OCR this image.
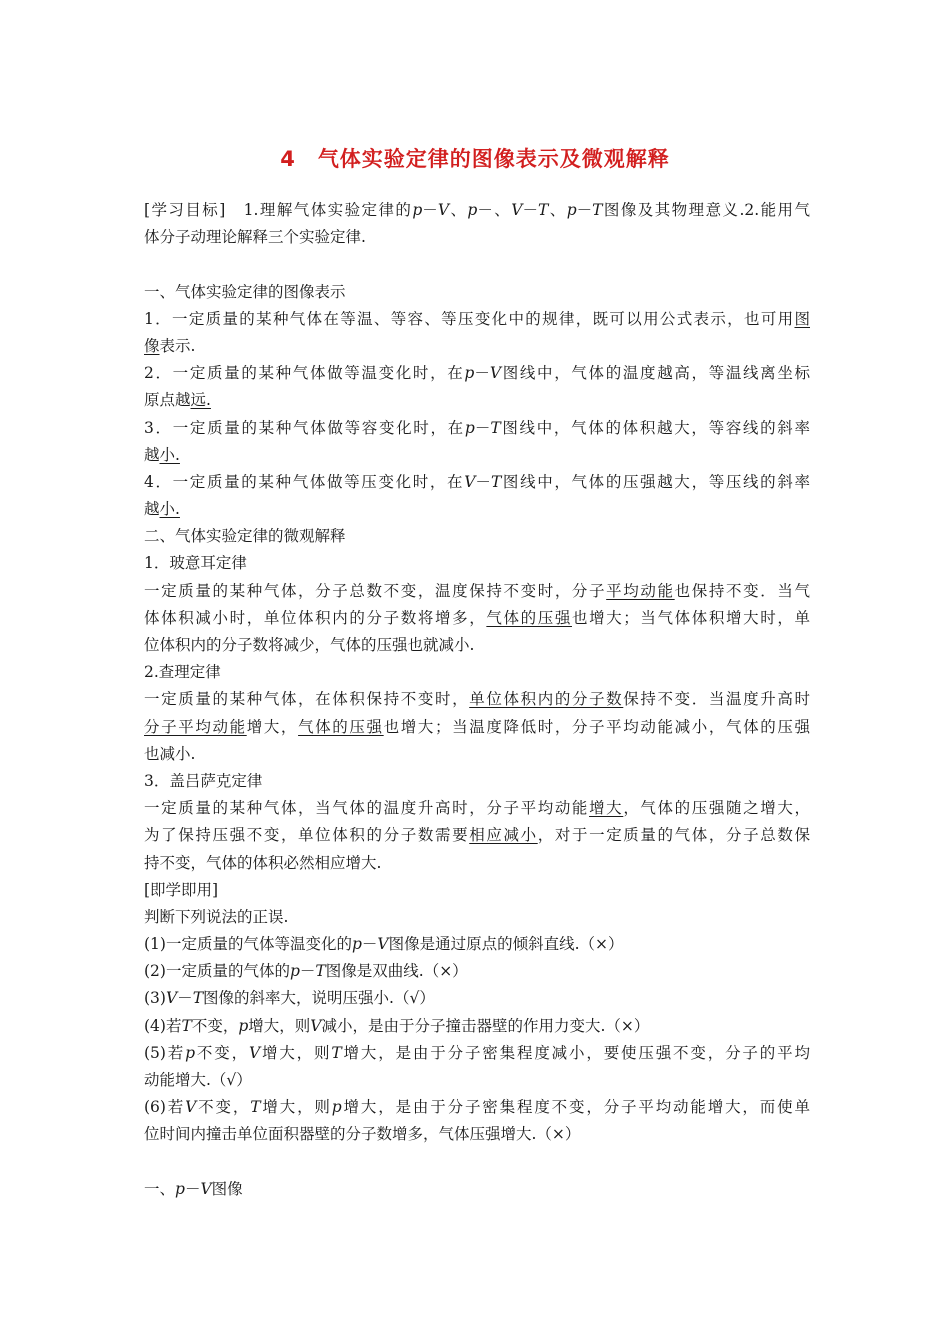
4 气体实验定律的图像表示及微观解释
[学习目标]　1.理解气体实验定律的p－V、p－、V－T、p－T图像及其物理意义.2.能用气
体分子动理论解释三个实验定律.
一、气体实验定律的图像表示
1．一定质量的某种气体在等温、等容、等压变化中的规律，既可以用公式表示，也可用图
像表示.
2．一定质量的某种气体做等温变化时，在p－V图线中，气体的温度越高，等温线离坐标
原点越远.
3．一定质量的某种气体做等容变化时，在p－T图线中，气体的体积越大，等容线的斜率
越小.
4．一定质量的某种气体做等压变化时，在V－T图线中，气体的压强越大，等压线的斜率
越小.
二、气体实验定律的微观解释
1．玻意耳定律
一定质量的某种气体，分子总数不变，温度保持不变时，分子平均动能也保持不变．当气
体体积减小时，单位体积内的分子数将增多，气体的压强也增大；当气体体积增大时，单
位体积内的分子数将减少，气体的压强也就减小.
2.查理定律
一定质量的某种气体，在体积保持不变时，单位体积内的分子数保持不变．当温度升高时
分子平均动能增大，气体的压强也增大；当温度降低时，分子平均动能减小，气体的压强
也减小.
3．盖吕萨克定律
一定质量的某种气体，当气体的温度升高时，分子平均动能增大，气体的压强随之增大，
为了保持压强不变，单位体积的分子数需要相应减小，对于一定质量的气体，分子总数保
持不变，气体的体积必然相应增大.
[即学即用]
判断下列说法的正误.
(1)一定质量的气体等温变化的p－V图像是通过原点的倾斜直线.（×）
(2)一定质量的气体的p－T图像是双曲线.（×）
(3)V－T图像的斜率大，说明压强小.（√）
(4)若T不变，p增大，则V减小，是由于分子撞击器壁的作用力变大.（×）
(5)若p不变，V增大，则T增大，是由于分子密集程度减小，要使压强不变，分子的平均
动能增大.（√）
(6)若V不变，T增大，则p增大，是由于分子密集程度不变，分子平均动能增大，而使单
位时间内撞击单位面积器壁的分子数增多，气体压强增大.（×）
一、p－V图像
